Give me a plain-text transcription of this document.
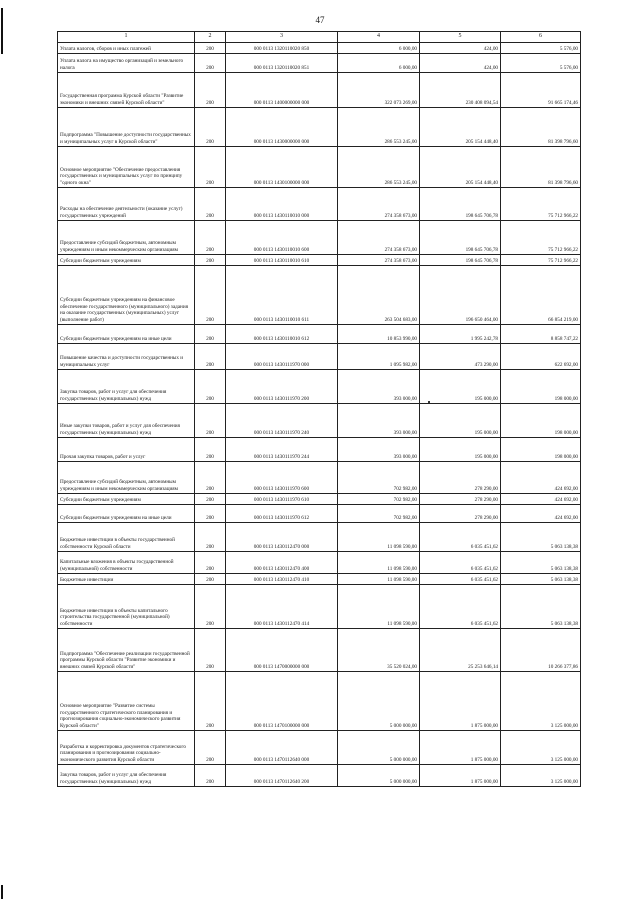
47
1	2	3	4	5	6
Уплата налогов, сборов и иных платежей	200	000 0113 1320110020 850	6 000,00	424,00	5 576,00
Уплата налога на имущество организаций и земельного налога	200	000 0113 1320110020 851	6 000,00	424,00	5 576,00
Государственная программа Курской области "Развитие экономики и внешних связей Курской области"	200	000 0113 1400000000 000	322 073 269,00	230 408 094,54	91 665 174,46
Подпрограмма "Повышение доступности государственных и муниципальных услуг в Курской области"	200	000 0113 1430000000 000	286 553 245,00	205 154 448,40	81 398 796,60
Основное мероприятие "Обеспечение предоставления государственных и муниципальных услуг по принципу "одного окна"	200	000 0113 1430100000 000	286 553 245,00	205 154 448,40	81 398 796,60
Расходы на обеспечение деятельности (оказание услуг) государственных учреждений	200	000 0113 1430110010 000	274 358 673,00	198 645 706,78	75 712 966,22
Предоставление субсидий бюджетным, автономным учреждениям и иным некоммерческим организациям	200	000 0113 1430110010 600	274 358 673,00	198 645 706,78	75 712 966,22
Субсидии бюджетным учреждениям	200	000 0113 1430110010 610	274 358 673,00	198 645 706,78	75 712 966,22
Субсидии бюджетным учреждениям на финансовое обеспечение государственного (муниципального) задания на оказание государственных (муниципальных) услуг (выполнение работ)	200	000 0113 1430110010 611	263 504 683,00	196 650 464,00	66 854 219,00
Субсидии бюджетным учреждениям на иные цели	200	000 0113 1430110010 612	10 853 990,00	1 995 242,78	8 858 747,22
Повышение качества и доступности государственных и муниципальных услуг	200	000 0113 1430111970 000	1 095 982,00	473 290,00	622 692,00
Закупка товаров, работ и услуг для обеспечения государственных (муниципальных) нужд	200	000 0113 1430111970 200	393 000,00	195 000,00	198 000,00
Иные закупки товаров, работ и услуг для обеспечения государственных (муниципальных) нужд	200	000 0113 1430111970 240	393 000,00	195 000,00	198 000,00
Прочая закупка товаров, работ и услуг	200	000 0113 1430111970 244	393 000,00	195 000,00	198 000,00
Предоставление субсидий бюджетным, автономным учреждениям и иным некоммерческим организациям	200	000 0113 1430111970 600	702 982,00	278 290,00	424 692,00
Субсидии бюджетным учреждениям	200	000 0113 1430111970 610	702 982,00	278 290,00	424 692,00
Субсидии бюджетным учреждениям на иные цели	200	000 0113 1430111970 612	702 982,00	278 290,00	424 692,00
Бюджетные инвестиции в объекты государственной собственности Курской области	200	000 0113 1430112470 000	11 098 590,00	6 035 451,62	5 063 138,38
Капитальные вложения в объекты государственной (муниципальной) собственности	200	000 0113 1430112470 400	11 098 590,00	6 035 451,62	5 063 138,38
Бюджетные инвестиции	200	000 0113 1430112470 410	11 098 590,00	6 035 451,62	5 063 138,38
Бюджетные инвестиции в объекты капитального строительства государственной (муниципальной) собственности	200	000 0113 1430112470 414	11 098 590,00	6 035 451,62	5 063 138,38
Подпрограмма "Обеспечение реализации государственной программы Курской области "Развитие экономики и внешних связей Курской области"	200	000 0113 1470000000 000	35 520 024,00	25 253 646,14	10 266 377,86
Основное мероприятие "Развитие системы государственного стратегического планирования и прогнозирования социально-экономического развития Курской области"	200	000 0113 1470100000 000	5 000 000,00	1 875 000,00	3 125 000,00
Разработка и корректировка документов стратегического планирования и прогнозирования социально-экономического развития Курской области	200	000 0113 1470112640 000	5 000 000,00	1 875 000,00	3 125 000,00
Закупка товаров, работ и услуг для обеспечения государственных (муниципальных) нужд	200	000 0113 1470112640 200	5 000 000,00	1 875 000,00	3 125 000,00
